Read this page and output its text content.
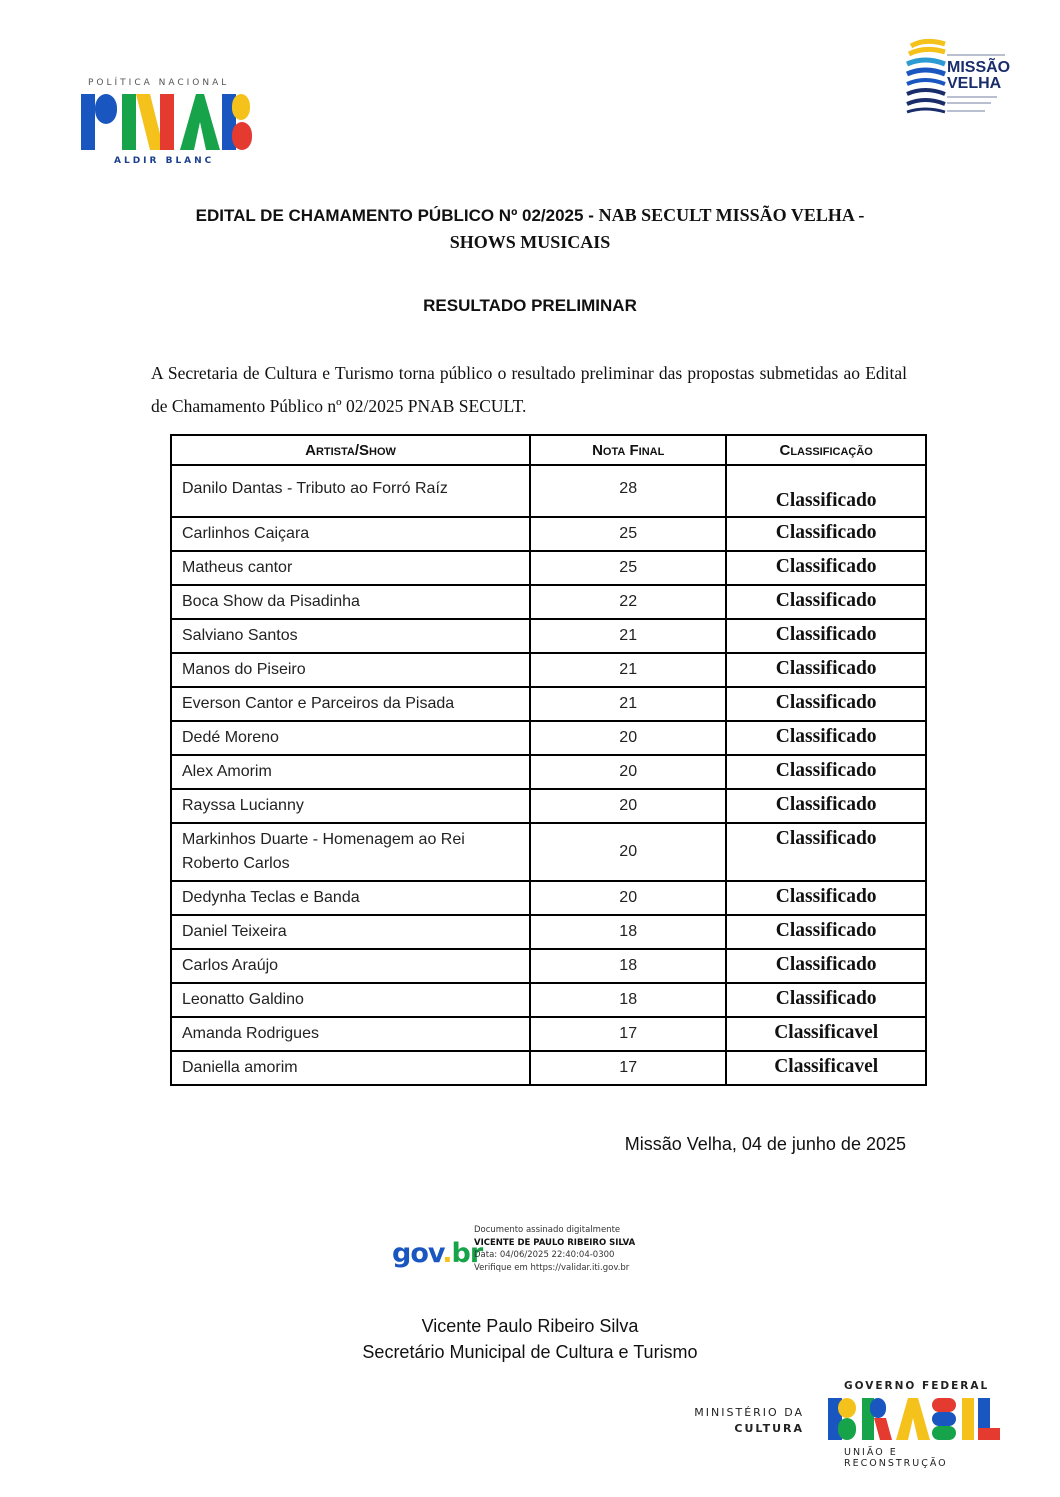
POLÍTICA NACIONAL
ALDIR BLANC
MISSÃO
VELHA
EDITAL DE CHAMAMENTO PÚBLICO Nº 02/2025 - NAB SECULT MISSÃO VELHA -
SHOWS MUSICAIS
RESULTADO PRELIMINAR
A Secretaria de Cultura e Turismo torna público o resultado preliminar das propostas submetidas ao Edital de Chamamento Público nº 02/2025 PNAB SECULT.
Artista/Show	Nota Final	Classificação
Danilo Dantas - Tributo ao Forró Raíz	28	Classificado
Carlinhos Caiçara	25	Classificado
Matheus cantor	25	Classificado
Boca Show da Pisadinha	22	Classificado
Salviano Santos	21	Classificado
Manos do Piseiro	21	Classificado
Everson Cantor e Parceiros da Pisada	21	Classificado
Dedé Moreno	20	Classificado
Alex Amorim	20	Classificado
Rayssa Lucianny	20	Classificado
Markinhos Duarte - Homenagem ao Rei Roberto Carlos	20	Classificado
Dedynha Teclas e Banda	20	Classificado
Daniel Teixeira	18	Classificado
Carlos Araújo	18	Classificado
Leonatto Galdino	18	Classificado
Amanda Rodrigues	17	Classificavel
Daniella amorim	17	Classificavel
Missão Velha, 04 de junho de 2025
gov.br
Documento assinado digitalmente
VICENTE DE PAULO RIBEIRO SILVA
Data: 04/06/2025 22:40:04-0300
Verifique em https://validar.iti.gov.br
Vicente Paulo Ribeiro Silva
Secretário Municipal de Cultura e Turismo
MINISTÉRIO DA
CULTURA
GOVERNO FEDERAL
UNIÃO E RECONSTRUÇÃO
